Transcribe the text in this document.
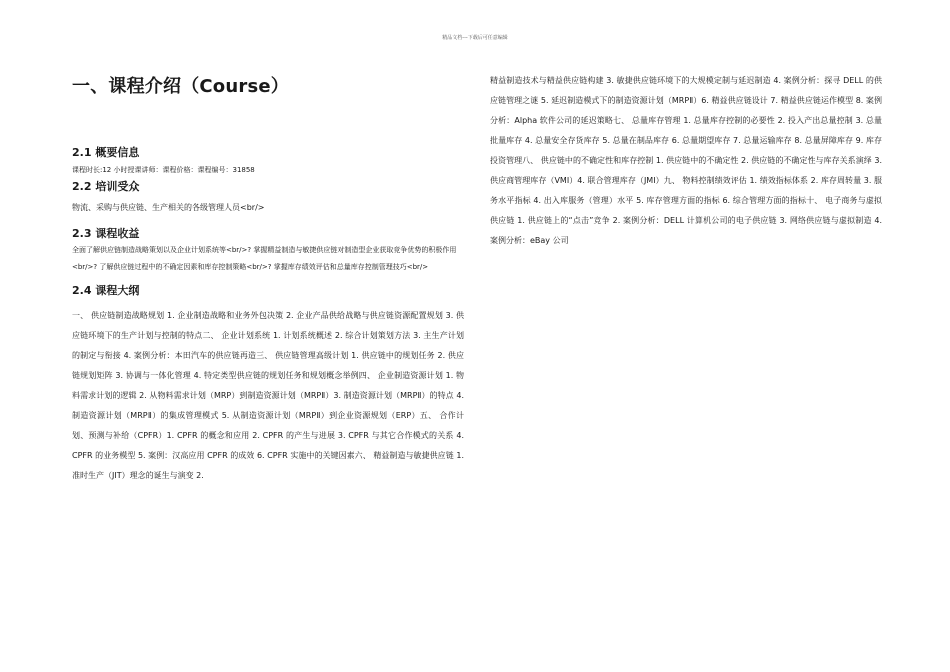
精品文档---下载后可任意编辑
一、课程介绍（Course）
2.1 概要信息

课程时长:12 小时授课讲师：课程价格：课程编号：31858

2.2 培训受众

物流、采购与供应链、生产相关的各级管理人员<br/>

2.3 课程收益

全面了解供应链制造战略策划以及企业计划系统等<br/>? 掌握精益制造与敏捷供应链对制造型企业获取竞争优势的积极作用<br/>? 了解供应链过程中的不确定因素和库存控制策略<br/>? 掌握库存绩效评估和总量库存控制管理技巧<br/>

2.4 课程大纲

一、 供应链制造战略规划 1. 企业制造战略和业务外包决策 2. 企业产品供给战略与供应链资源配置规划 3. 供应链环境下的生产计划与控制的特点二、 企业计划系统 1. 计划系统概述 2. 综合计划策划方法 3. 主生产计划的制定与衔接 4. 案例分析：本田汽车的供应链再造三、 供应链管理高级计划 1. 供应链中的规划任务 2. 供应链规划矩阵 3. 协调与一体化管理 4. 特定类型供应链的规划任务和规划概念举例四、 企业制造资源计划 1. 物料需求计划的逻辑 2. 从物料需求计划（MRP）到制造资源计划（MRPⅡ）3. 制造资源计划（MRPⅡ）的特点 4. 制造资源计划（MRPⅡ）的集成管理模式 5. 从制造资源计划（MRPⅡ）到企业资源规划（ERP）五、 合作计划、预测与补给（CPFR）1. CPFR 的概念和应用 2. CPFR 的产生与进展 3. CPFR 与其它合作模式的关系 4. CPFR 的业务模型 5. 案例：汉高应用 CPFR 的成效 6. CPFR 实施中的关键因素六、 精益制造与敏捷供应链 1. 准时生产（JIT）理念的诞生与演变 2.

精益制造技术与精益供应链构建 3. 敏捷供应链环境下的大规模定制与延迟制造 4. 案例分析：探寻 DELL 的供应链管理之谜 5. 延迟制造模式下的制造资源计划（MRPⅡ）6. 精益供应链设计 7. 精益供应链运作模型 8. 案例分析：Alpha 软件公司的延迟策略七、 总量库存管理 1. 总量库存控制的必要性 2. 投入产出总量控制 3. 总量批量库存 4. 总量安全存货库存 5. 总量在制品库存 6. 总量期望库存 7. 总量运输库存 8. 总量屏障库存 9. 库存投资管理八、 供应链中的不确定性和库存控制 1. 供应链中的不确定性 2. 供应链的不确定性与库存关系演绎 3. 供应商管理库存（VMI）4. 联合管理库存（JMI）九、 物料控制绩效评估 1. 绩效指标体系 2. 库存周转量 3. 服务水平指标 4. 出入库服务（管理）水平 5. 库存管理方面的指标 6. 综合管理方面的指标十、 电子商务与虚拟供应链 1. 供应链上的“点击”竞争 2. 案例分析：DELL 计算机公司的电子供应链 3. 网络供应链与虚拟制造 4. 案例分析：eBay 公司
